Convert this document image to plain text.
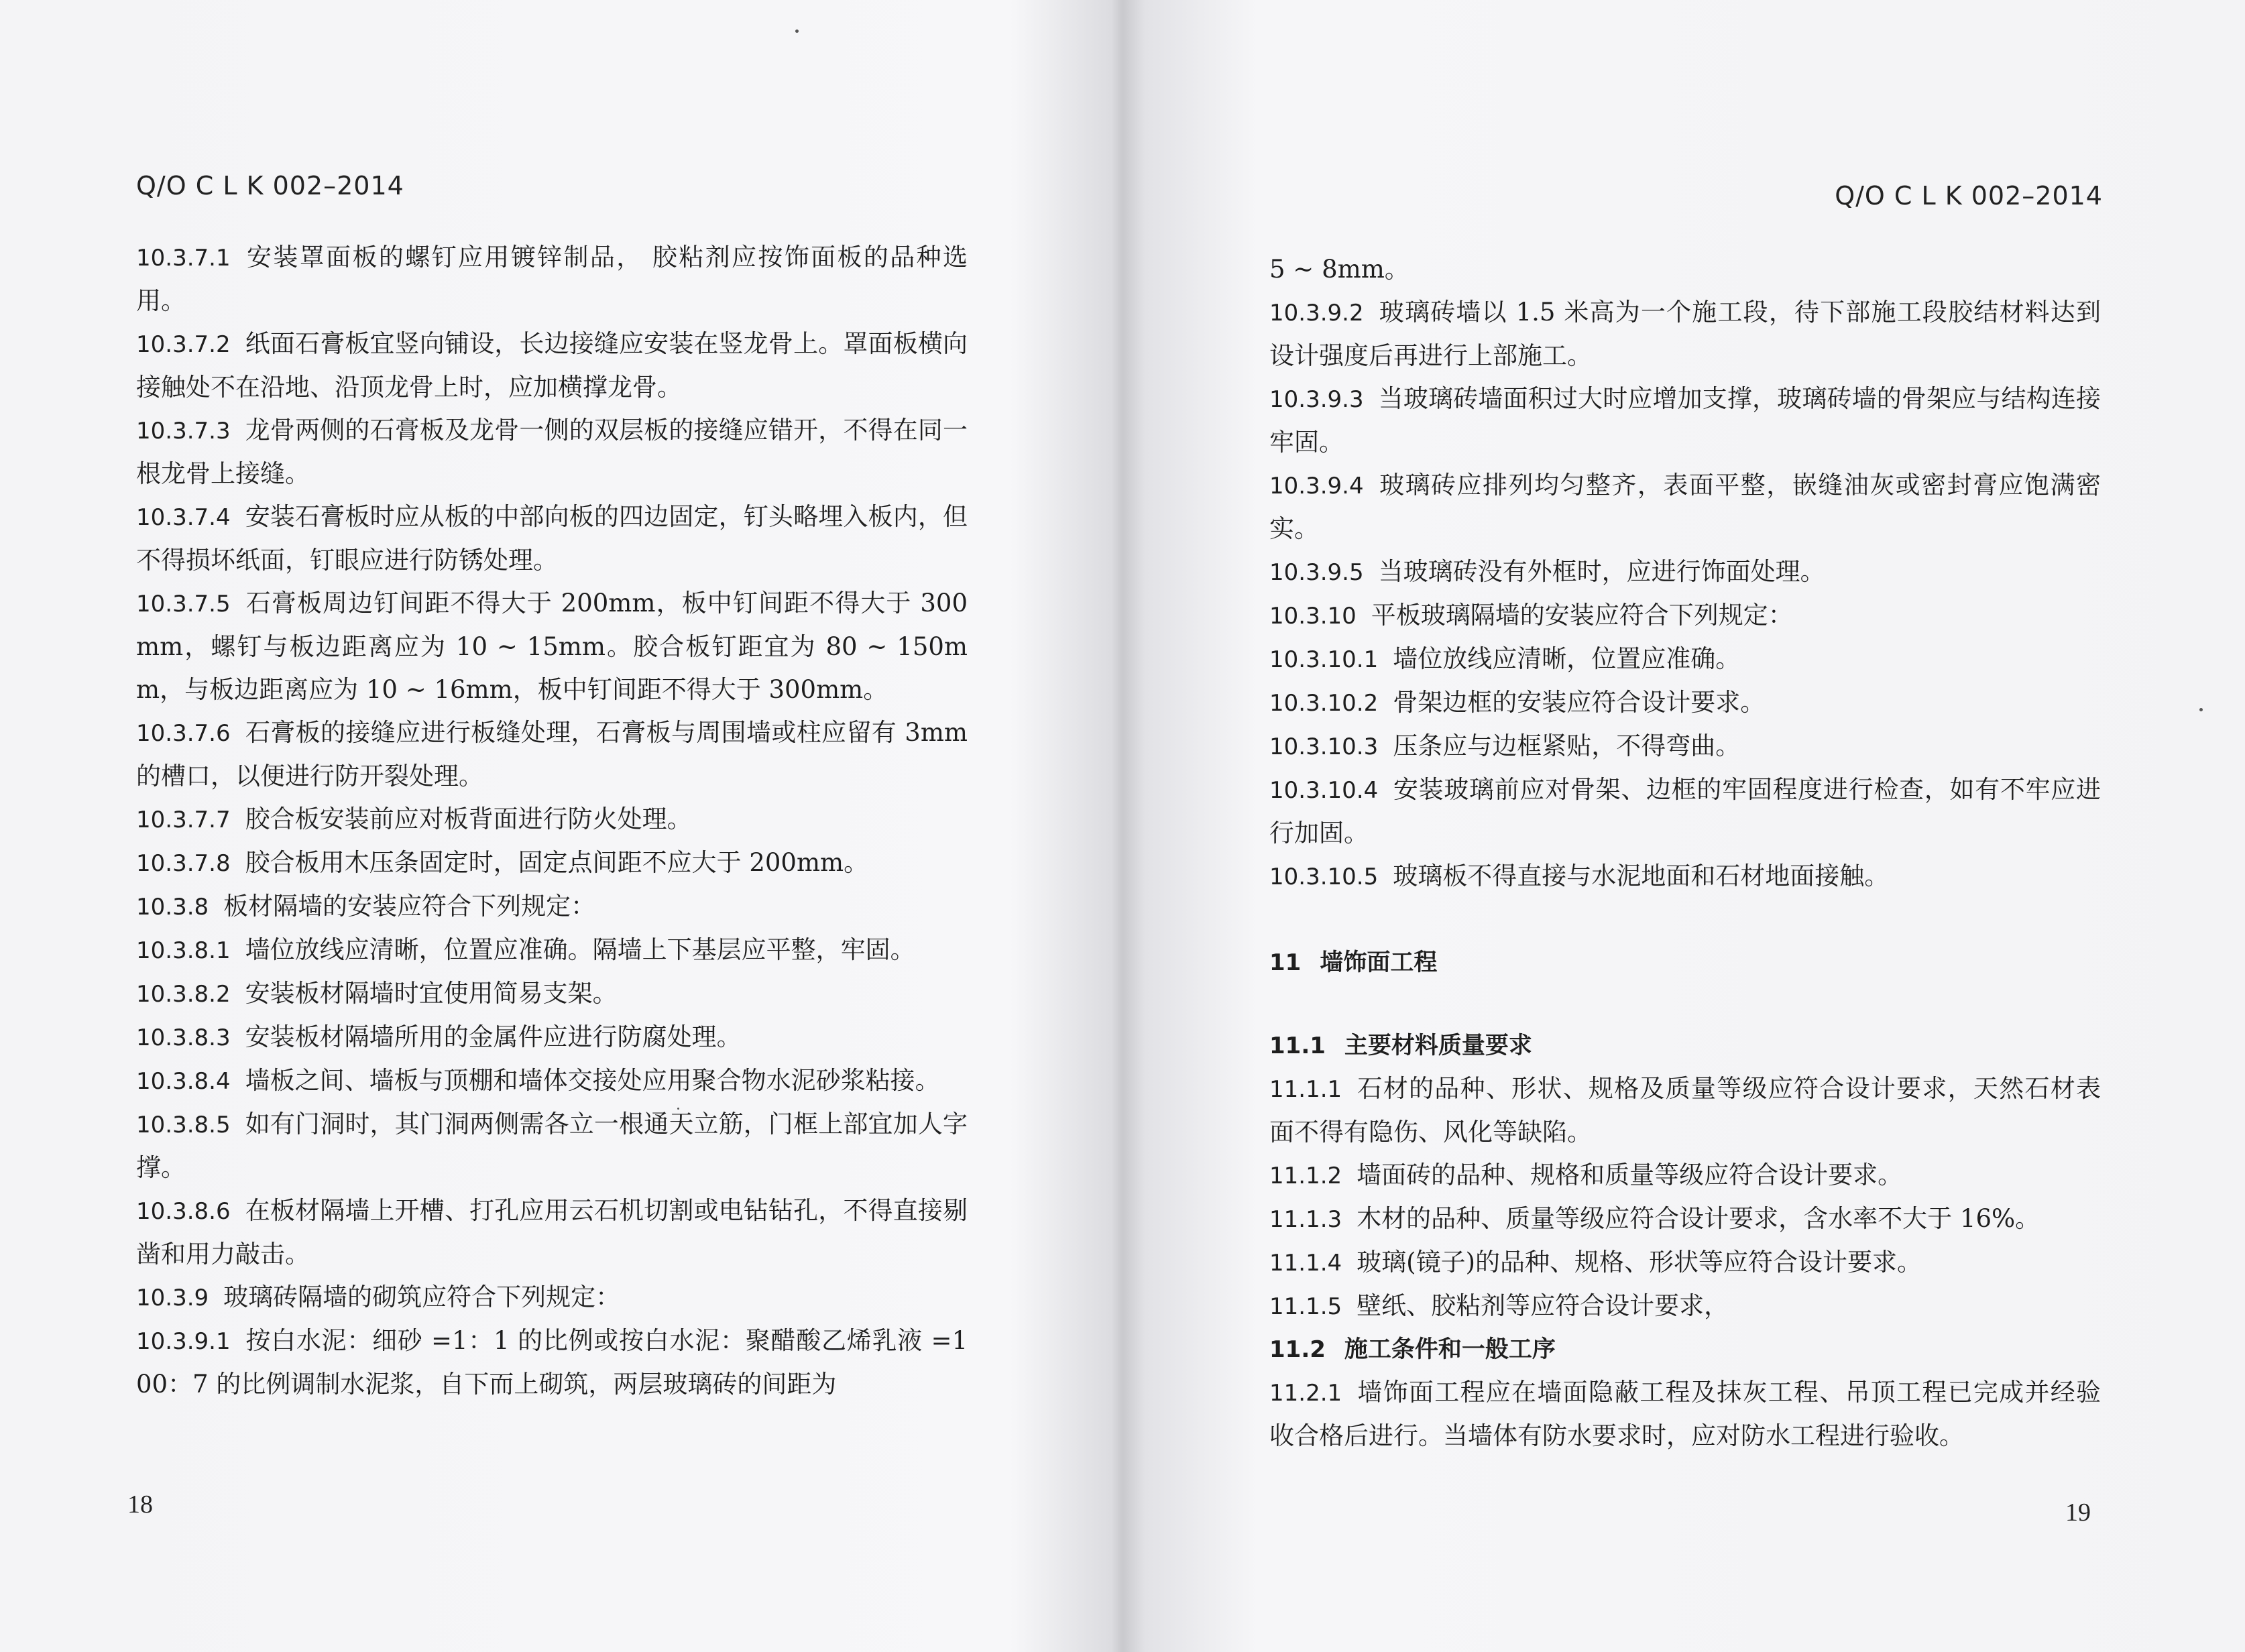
Q/O C L K 002–2014

10.3.7.1 安装罩面板的螺钉应用镀锌制品， 胶粘剂应按饰面板的品种选用。

10.3.7.2 纸面石膏板宜竖向铺设，长边接缝应安装在竖龙骨上。罩面板横向接触处不在沿地、沿顶龙骨上时，应加横撑龙骨。

10.3.7.3 龙骨两侧的石膏板及龙骨一侧的双层板的接缝应错开，不得在同一根龙骨上接缝。

10.3.7.4 安装石膏板时应从板的中部向板的四边固定，钉头略埋入板内，但不得损坏纸面，钉眼应进行防锈处理。

10.3.7.5 石膏板周边钉间距不得大于 200mm，板中钉间距不得大于 300mm，螺钉与板边距离应为 10 ~ 15mm。胶合板钉距宜为 80 ~ 150mm，与板边距离应为 10 ~ 16mm，板中钉间距不得大于 300mm。

10.3.7.6 石膏板的接缝应进行板缝处理，石膏板与周围墙或柱应留有 3mm 的槽口，以便进行防开裂处理。

10.3.7.7 胶合板安装前应对板背面进行防火处理。

10.3.7.8 胶合板用木压条固定时，固定点间距不应大于 200mm。

10.3.8 板材隔墙的安装应符合下列规定：

10.3.8.1 墙位放线应清晰，位置应准确。隔墙上下基层应平整，牢固。

10.3.8.2 安装板材隔墙时宜使用简易支架。

10.3.8.3 安装板材隔墙所用的金属件应进行防腐处理。

10.3.8.4 墙板之间、墙板与顶棚和墙体交接处应用聚合物水泥砂浆粘接。

10.3.8.5 如有门洞时，其门洞两侧需各立一根通天立筋，门框上部宜加人字撑。

10.3.8.6 在板材隔墙上开槽、打孔应用云石机切割或电钻钻孔，不得直接剔凿和用力敲击。

10.3.9 玻璃砖隔墙的砌筑应符合下列规定：

10.3.9.1 按白水泥：细砂 =1：1 的比例或按白水泥：聚醋酸乙烯乳液 =100：7 的比例调制水泥浆，自下而上砌筑，两层玻璃砖的间距为

18
Q/O C L K 002–2014

5 ~ 8mm。

10.3.9.2 玻璃砖墙以 1.5 米高为一个施工段，待下部施工段胶结材料达到设计强度后再进行上部施工。

10.3.9.3 当玻璃砖墙面积过大时应增加支撑，玻璃砖墙的骨架应与结构连接牢固。

10.3.9.4 玻璃砖应排列均匀整齐，表面平整，嵌缝油灰或密封膏应饱满密实。

10.3.9.5 当玻璃砖没有外框时，应进行饰面处理。

10.3.10 平板玻璃隔墙的安装应符合下列规定：

10.3.10.1 墙位放线应清晰，位置应准确。

10.3.10.2 骨架边框的安装应符合设计要求。

10.3.10.3 压条应与边框紧贴，不得弯曲。

10.3.10.4 安装玻璃前应对骨架、边框的牢固程度进行检查，如有不牢应进行加固。

10.3.10.5 玻璃板不得直接与水泥地面和石材地面接触。

11 墙饰面工程
11.1 主要材料质量要求

11.1.1 石材的品种、形状、规格及质量等级应符合设计要求，天然石材表面不得有隐伤、风化等缺陷。

11.1.2 墙面砖的品种、规格和质量等级应符合设计要求。

11.1.3 木材的品种、质量等级应符合设计要求，含水率不大于 16%。

11.1.4 玻璃(镜子)的品种、规格、形状等应符合设计要求。

11.1.5 壁纸、胶粘剂等应符合设计要求，

11.2 施工条件和一般工序

11.2.1 墙饰面工程应在墙面隐蔽工程及抹灰工程、吊顶工程已完成并经验收合格后进行。当墙体有防水要求时，应对防水工程进行验收。

19
